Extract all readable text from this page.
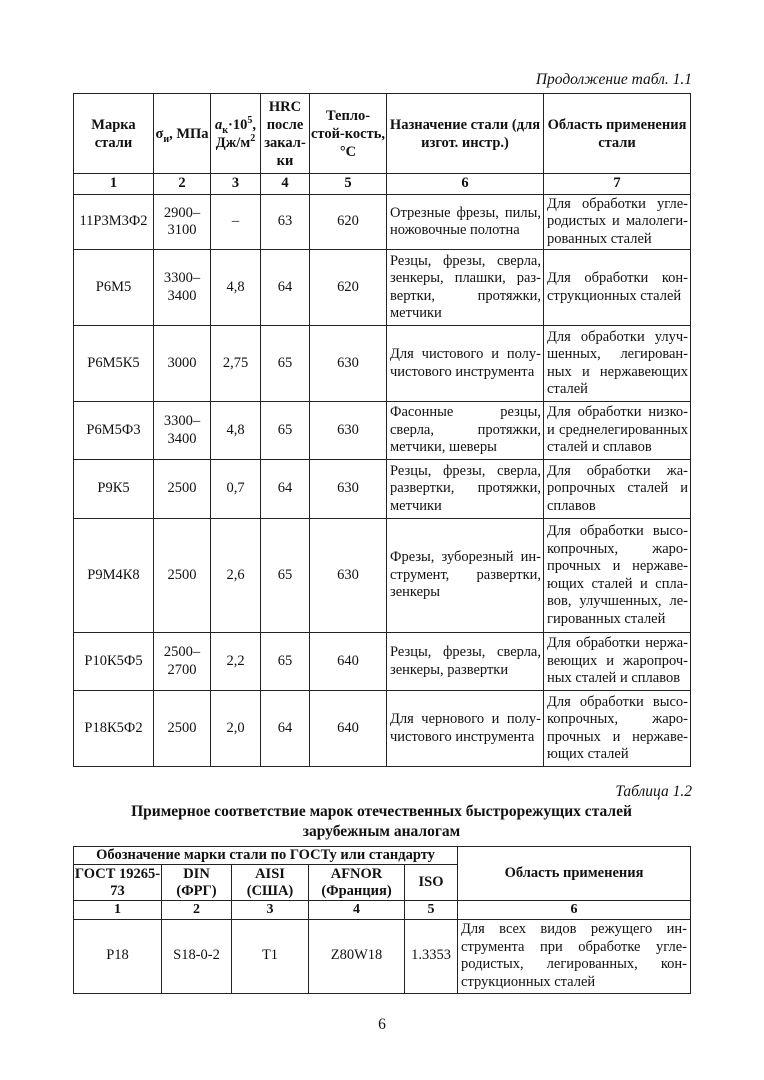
Продолжение табл. 1.1
Марка стали	$\sigma_и$, МПа	$a_к\cdot 10^5$, $Дж/м^2$	HRC после закал-ки	Тепло-стой-кость, °С	Назначение стали (для изгот. инстр.)	Область применения стали
1	2	3	4	5	6	7
11Р3М3Ф2	2900–3100	–	63	620	Отрезные фрезы, пилы, ножовочные полотна	Для обработки угле-родистых и малолеги-рованных сталей
Р6М5	3300–3400	4,8	64	620	Резцы, фрезы, сверла, зенкеры, плашки, раз-вертки, протяжки, метчики	Для обработки кон-струкционных сталей
Р6М5К5	3000	2,75	65	630	Для чистового и полу-чистового инструмента	Для обработки улуч-шенных, легирован-ных и нержавеющих сталей
Р6М5Ф3	3300–3400	4,8	65	630	Фасонные резцы, сверла, протяжки, метчики, шеверы	Для обработки низко- и среднелегированных сталей и сплавов
Р9К5	2500	0,7	64	630	Резцы, фрезы, сверла, развертки, протяжки, метчики	Для обработки жа-ропрочных сталей и сплавов
Р9М4К8	2500	2,6	65	630	Фрезы, зуборезный ин-струмент, развертки, зенкеры	Для обработки высо-копрочных, жаро-прочных и нержаве-ющих сталей и спла-вов, улучшенных, ле-гированных сталей
Р10К5Ф5	2500–2700	2,2	65	640	Резцы, фрезы, сверла, зенкеры, развертки	Для обработки нержа-веющих и жаропроч-ных сталей и сплавов
Р18К5Ф2	2500	2,0	64	640	Для чернового и полу-чистового инструмента	Для обработки высо-копрочных, жаро-прочных и нержаве-ющих сталей
Таблица 1.2
Примерное соответствие марок отечественных быстрорежущих сталей
зарубежным аналогам
Обозначение марки стали по ГОСТу или стандарту					Область применения
ГОСТ 19265-73	DIN (ФРГ)	AISI (США)	AFNOR (Франция)	ISO	
1	2	3	4	5	6
Р18	S18-0-2	T1	Z80W18	1.3353	Для всех видов режущего ин-струмента при обработке угле-родистых, легированных, кон-струкционных сталей
6
